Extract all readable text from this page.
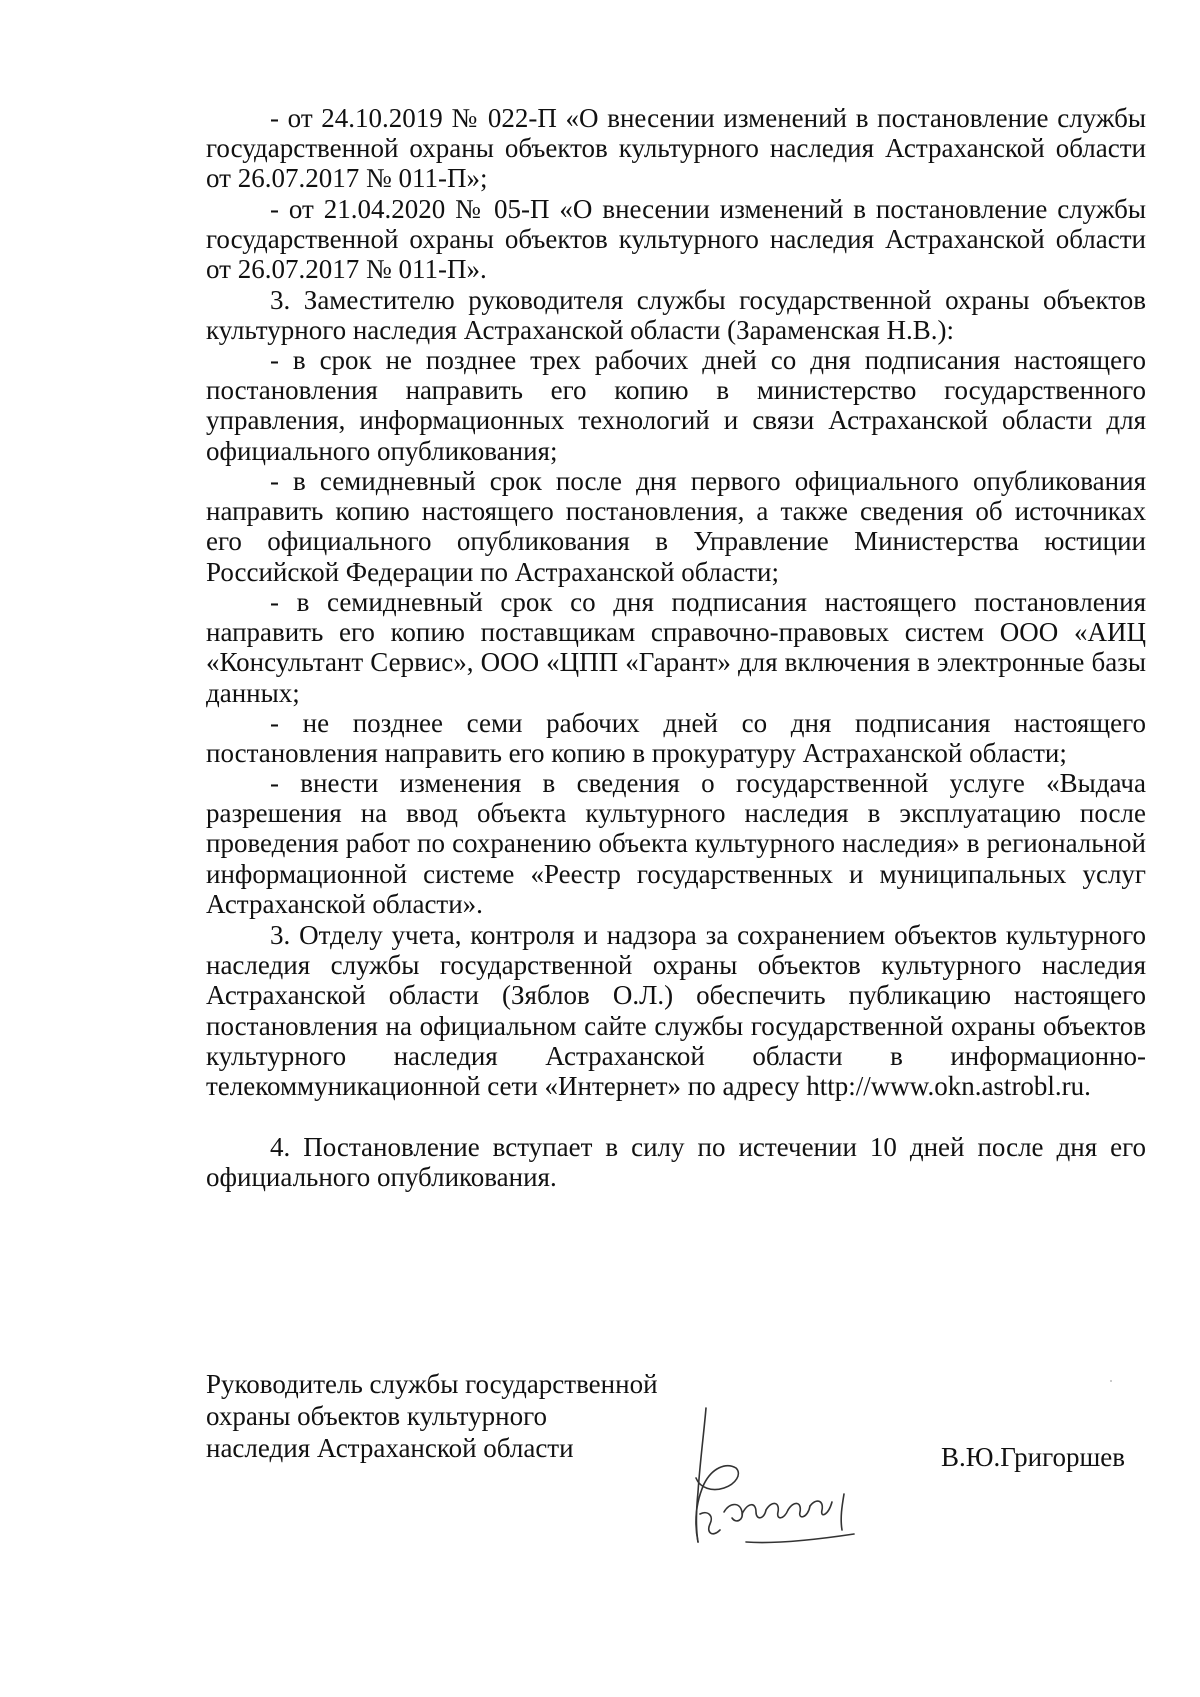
- от 24.10.2019 № 022-П «О внесении изменений в постановление службы государственной охраны объектов культурного наследия Астраханской области от 26.07.2017 № 011-П»;

- от 21.04.2020 № 05-П «О внесении изменений в постановление службы государственной охраны объектов культурного наследия Астраханской области от 26.07.2017 № 011-П».

3. Заместителю руководителя службы государственной охраны объектов культурного наследия Астраханской области (Зараменская Н.В.):

- в срок не позднее трех рабочих дней со дня подписания настоящего постановления направить его копию в министерство государственного управления, информационных технологий и связи Астраханской области для официального опубликования;

- в семидневный срок после дня первого официального опубликования направить копию настоящего постановления, а также сведения об источниках его официального опубликования в Управление Министерства юстиции Российской Федерации по Астраханской области;

- в семидневный срок со дня подписания настоящего постановления направить его копию поставщикам справочно-правовых систем ООО «АИЦ «Консультант Сервис», ООО «ЦПП «Гарант» для включения в электронные базы данных;

- не позднее семи рабочих дней со дня подписания настоящего постановления направить его копию в прокуратуру Астраханской области;

- внести изменения в сведения о государственной услуге «Выдача разрешения на ввод объекта культурного наследия в эксплуатацию после проведения работ по сохранению объекта культурного наследия» в региональной информационной системе «Реестр государственных и муниципальных услуг Астраханской области».

3. Отделу учета, контроля и надзора за сохранением объектов культурного наследия службы государственной охраны объектов культурного наследия Астраханской области (Зяблов О.Л.) обеспечить публикацию настоящего постановления на официальном сайте службы государственной охраны объектов культурного наследия Астраханской области в информационно-телекоммуникационной сети «Интернет» по адресу http://www.okn.astrobl.ru.

4. Постановление вступает в силу по истечении 10 дней после дня его официального опубликования.

Руководитель службы государственной
охраны объектов культурного
наследия Астраханской области	В.Ю.Григоршев
